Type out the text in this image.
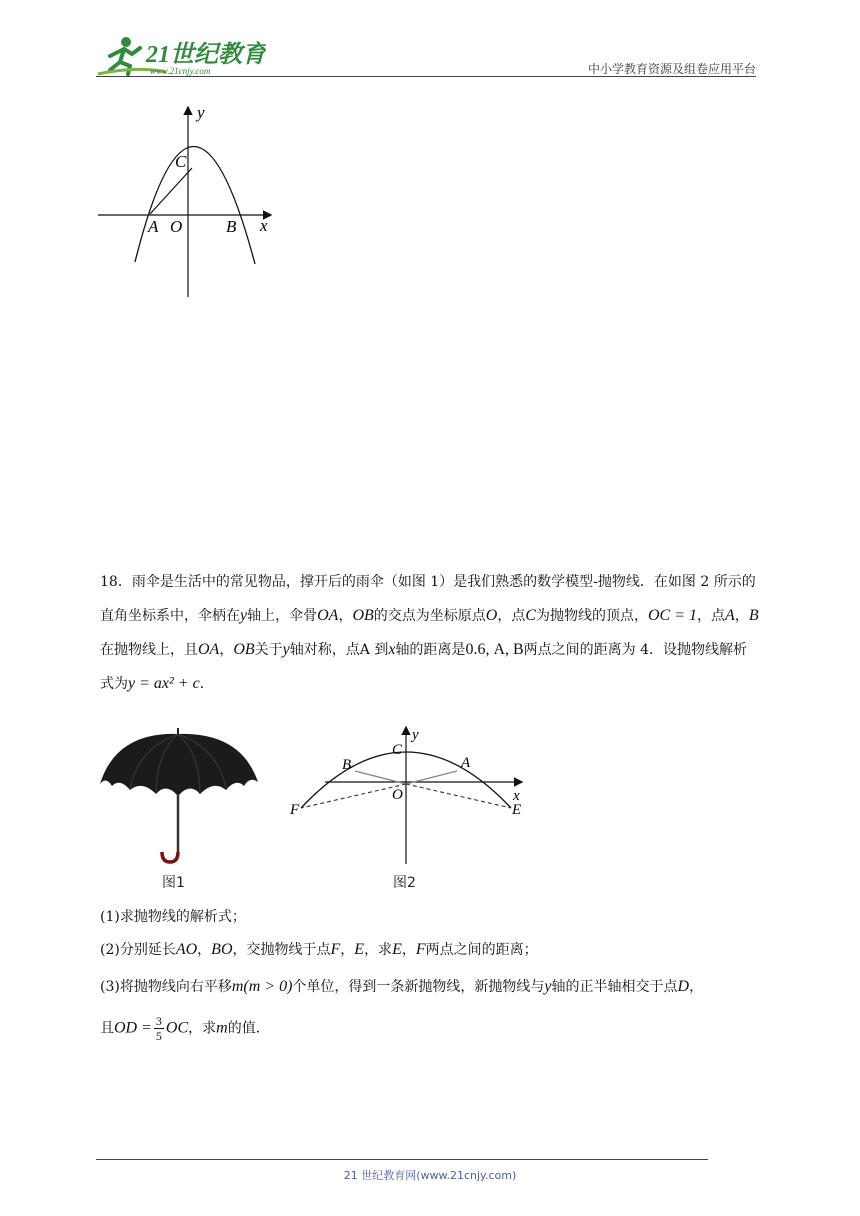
21世纪教育
www.21cnjy.com	中小学教育资源及组卷应用平台
y
x
C
A O	B
18．雨伞是生活中的常见物品，撑开后的雨伞（如图 1）是我们熟悉的数学模型-抛物线．在如图 2 所示的直角坐标系中，伞柄在y轴上，伞骨OA，OB的交点为坐标原点O，点C为抛物线的顶点，OC = 1，点A，B在抛物线上，且OA，OB关于y轴对称，点A 到x轴的距离是0.6, A, B两点之间的距离为 4．设抛物线解析式为y = ax² + c．
图1
y
x
C
B	A
O
F	E
图2
(1)求抛物线的解析式；
(2)分别延长AO，BO，交抛物线于点F，E，求E，F两点之间的距离；
(3)将抛物线向右平移m(m > 0)个单位，得到一条新抛物线，新抛物线与y轴的正半轴相交于点D，
且OD = $\frac{3}{5}$ OC，求m的值．
21 世纪教育网(www.21cnjy.com)
